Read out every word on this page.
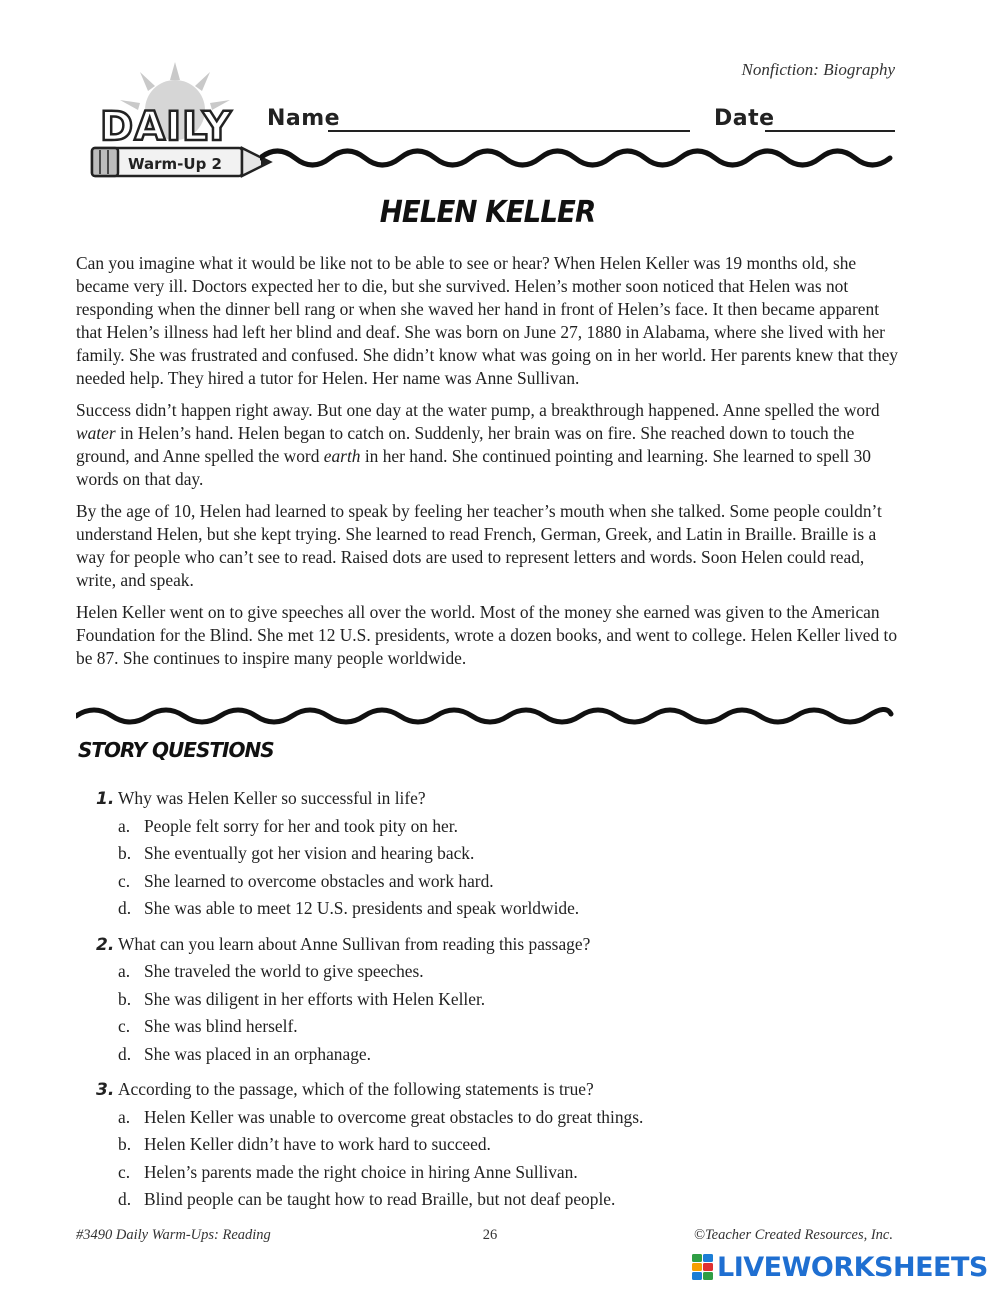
Nonfiction: Biography
DAILY
Warm-Up 2
Name	Date
HELEN KELLER

Can you imagine what it would be like not to be able to see or hear? When Helen Keller was 19 months old, she became very ill. Doctors expected her to die, but she survived. Helen’s mother soon noticed that Helen was not responding when the dinner bell rang or when she waved her hand in front of Helen’s face. It then became apparent that Helen’s illness had left her blind and deaf. She was born on June 27, 1880 in Alabama, where she lived with her family. She was frustrated and confused. She didn’t know what was going on in her world. Her parents knew that they needed help. They hired a tutor for Helen. Her name was Anne Sullivan.

Success didn’t happen right away. But one day at the water pump, a breakthrough happened. Anne spelled the word water in Helen’s hand. Helen began to catch on. Suddenly, her brain was on fire. She reached down to touch the ground, and Anne spelled the word earth in her hand. She continued pointing and learning. She learned to spell 30 words on that day.

By the age of 10, Helen had learned to speak by feeling her teacher’s mouth when she talked. Some people couldn’t understand Helen, but she kept trying. She learned to read French, German, Greek, and Latin in Braille. Braille is a way for people who can’t see to read. Raised dots are used to represent letters and words. Soon Helen could read, write, and speak.

Helen Keller went on to give speeches all over the world. Most of the money she earned was given to the American Foundation for the Blind. She met 12 U.S. presidents, wrote a dozen books, and went to college. Helen Keller lived to be 87. She continues to inspire many people worldwide.

STORY QUESTIONS
1. Why was Helen Keller so successful in life?
a. People felt sorry for her and took pity on her.
b. She eventually got her vision and hearing back.
c. She learned to overcome obstacles and work hard.
d. She was able to meet 12 U.S. presidents and speak worldwide.
2. What can you learn about Anne Sullivan from reading this passage?
a. She traveled the world to give speeches.
b. She was diligent in her efforts with Helen Keller.
c. She was blind herself.
d. She was placed in an orphanage.
3. According to the passage, which of the following statements is true?
a. Helen Keller was unable to overcome great obstacles to do great things.
b. Helen Keller didn’t have to work hard to succeed.
c. Helen’s parents made the right choice in hiring Anne Sullivan.
d. Blind people can be taught how to read Braille, but not deaf people.
#3490 Daily Warm-Ups: Reading	26	©Teacher Created Resources, Inc.
LIVEWORKSHEETS
